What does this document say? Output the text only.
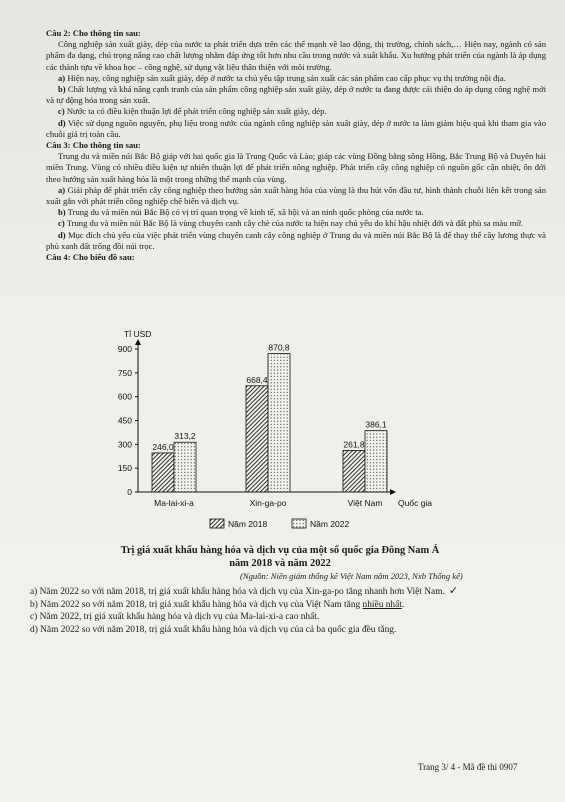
Câu 2: Cho thông tin sau:

Công nghiệp sản xuất giày, dép của nước ta phát triển dựa trên các thế mạnh về lao động, thị trường, chính sách,… Hiện nay, ngành có sản phẩm đa dạng, chú trọng nâng cao chất lượng nhằm đáp ứng tốt hơn nhu cầu trong nước và xuất khẩu. Xu hướng phát triển của ngành là áp dụng các thành tựu về khoa học – công nghệ, sử dụng vật liệu thân thiện với môi trường.

a) Hiện nay, công nghiệp sản xuất giày, dép ở nước ta chủ yếu tập trung sản xuất các sản phẩm cao cấp phục vụ thị trường nội địa.

b) Chất lượng và khả năng cạnh tranh của sản phẩm công nghiệp sản xuất giày, dép ở nước ta đang được cải thiện do áp dụng công nghệ mới và tự động hóa trong sản xuất.

c) Nước ta có điều kiện thuận lợi để phát triển công nghiệp sản xuất giày, dép.

d) Việc sử dụng nguồn nguyên, phụ liệu trong nước của ngành công nghiệp sản xuất giày, dép ở nước ta làm giảm hiệu quả khi tham gia vào chuỗi giá trị toàn cầu.

Câu 3: Cho thông tin sau:

Trung du và miền núi Bắc Bộ giáp với hai quốc gia là Trung Quốc và Lào; giáp các vùng Đồng bằng sông Hồng, Bắc Trung Bộ và Duyên hải miền Trung. Vùng có nhiều điều kiện tự nhiên thuận lợi để phát triển nông nghiệp. Phát triển cây công nghiệp có nguồn gốc cận nhiệt, ôn đới theo hướng sản xuất hàng hóa là một trong những thế mạnh của vùng.

a) Giải pháp để phát triển cây công nghiệp theo hướng sản xuất hàng hóa của vùng là thu hút vốn đầu tư, hình thành chuỗi liên kết trong sản xuất gắn với phát triển công nghiệp chế biến và dịch vụ.

b) Trung du và miền núi Bắc Bộ có vị trí quan trọng về kinh tế, xã hội và an ninh quốc phòng của nước ta.

c) Trung du và miền núi Bắc Bộ là vùng chuyên canh cây chè của nước ta hiện nay chủ yếu do khí hậu nhiệt đới và đất phù sa màu mỡ.

d) Mục đích chủ yếu của việc phát triển vùng chuyên canh cây công nghiệp ở Trung du và miền núi Bắc Bộ là để thay thế cây lương thực và phủ xanh đất trống đồi núi trọc.

Câu 4: Cho biểu đồ sau:

Tỉ USD
0
150
300
450
600
750
900
Quốc gia
246,0
313,2
Ma-lai-xi-a
668,4
870,8
Xin-ga-po
261,8
386,1
Việt Nam
Năm 2018	Năm 2022
Trị giá xuất khẩu hàng hóa và dịch vụ của một số quốc gia Đông Nam Á
năm 2018 và năm 2022
(Nguồn: Niên giám thống kê Việt Nam năm 2023, Nxb Thống kê)

a) Năm 2022 so với năm 2018, trị giá xuất khẩu hàng hóa và dịch vụ của Xin-ga-po tăng nhanh hơn Việt Nam. ✓

b) Năm 2022 so với năm 2018, trị giá xuất khẩu hàng hóa và dịch vụ của Việt Nam tăng nhiều nhất.

c) Năm 2022, trị giá xuất khẩu hàng hóa và dịch vụ của Ma-lai-xi-a cao nhất.

d) Năm 2022 so với năm 2018, trị giá xuất khẩu hàng hóa và dịch vụ của cả ba quốc gia đều tăng.

Trang 3/ 4 - Mã đề thi 0907
